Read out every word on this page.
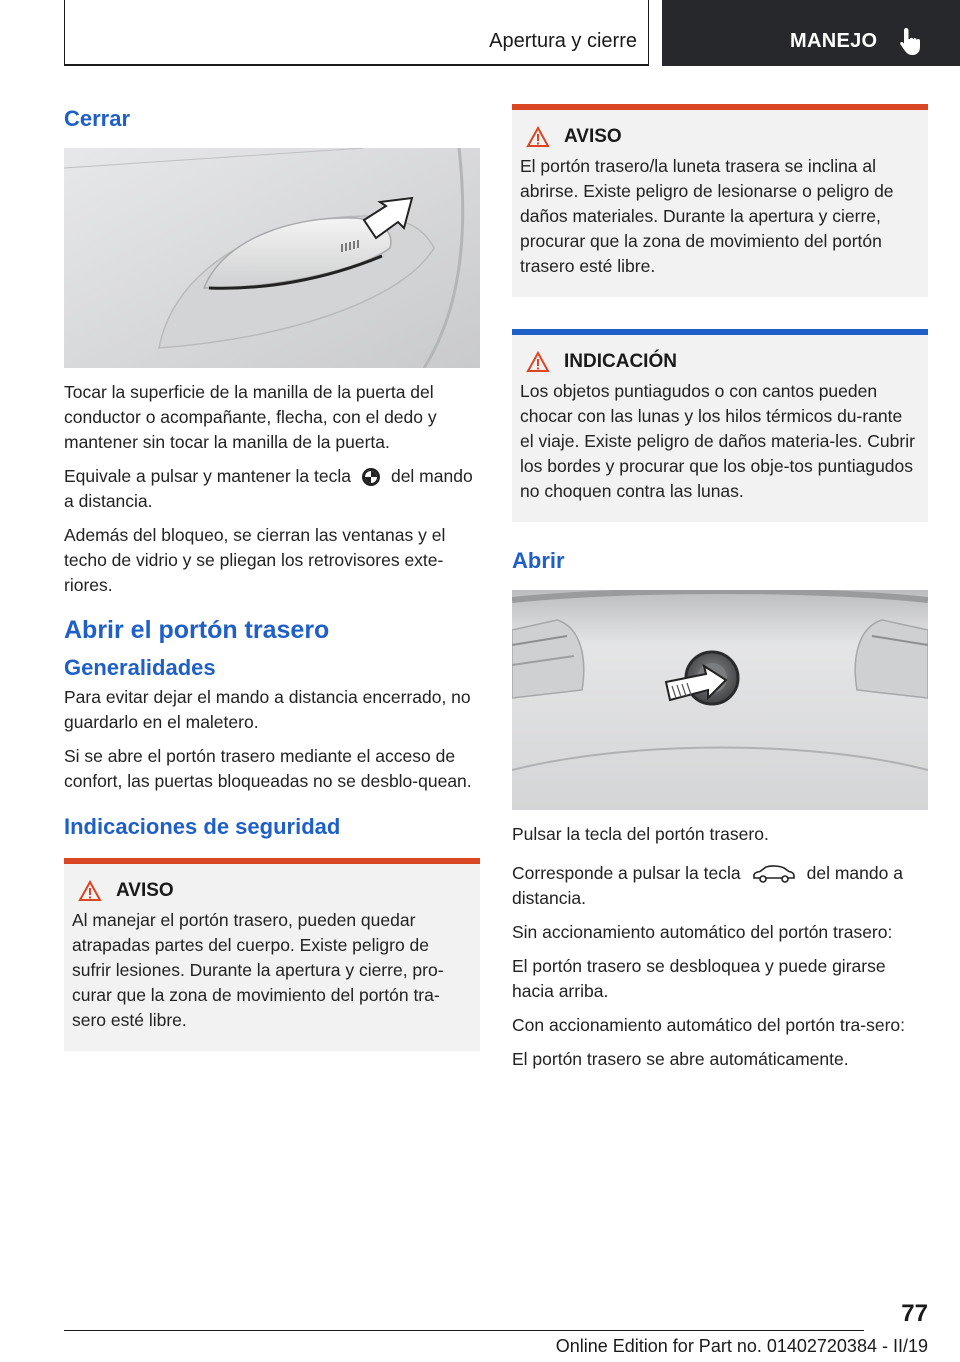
Apertura y cierre	MANEJO
Cerrar

Tocar la superficie de la manilla de la puerta del conductor o acompañante, flecha, con el dedo y mantener sin tocar la manilla de la puerta.

Equivale a pulsar y mantener la tecla del mando a distancia.

Además del bloqueo, se cierran las ventanas y el techo de vidrio y se pliegan los retrovisores exte-riores.

Abrir el portón trasero
Generalidades

Para evitar dejar el mando a distancia encerrado, no guardarlo en el maletero.

Si se abre el portón trasero mediante el acceso de confort, las puertas bloqueadas no se desblo-quean.

Indicaciones de seguridad
AVISO

Al manejar el portón trasero, pueden quedar atrapadas partes del cuerpo. Existe peligro de sufrir lesiones. Durante la apertura y cierre, pro-curar que la zona de movimiento del portón tra-sero esté libre.

AVISO

El portón trasero/la luneta trasera se inclina al abrirse. Existe peligro de lesionarse o peligro de daños materiales. Durante la apertura y cierre, procurar que la zona de movimiento del portón trasero esté libre.

INDICACIÓN

Los objetos puntiagudos o con cantos pueden chocar con las lunas y los hilos térmicos du-rante el viaje. Existe peligro de daños materia-les. Cubrir los bordes y procurar que los obje-tos puntiagudos no choquen contra las lunas.

Abrir

Pulsar la tecla del portón trasero.

Corresponde a pulsar la tecla	del mando a distancia.

Sin accionamiento automático del portón trasero:

El portón trasero se desbloquea y puede girarse hacia arriba.

Con accionamiento automático del portón tra-sero:

El portón trasero se abre automáticamente.

77
Online Edition for Part no. 01402720384 - II/19
